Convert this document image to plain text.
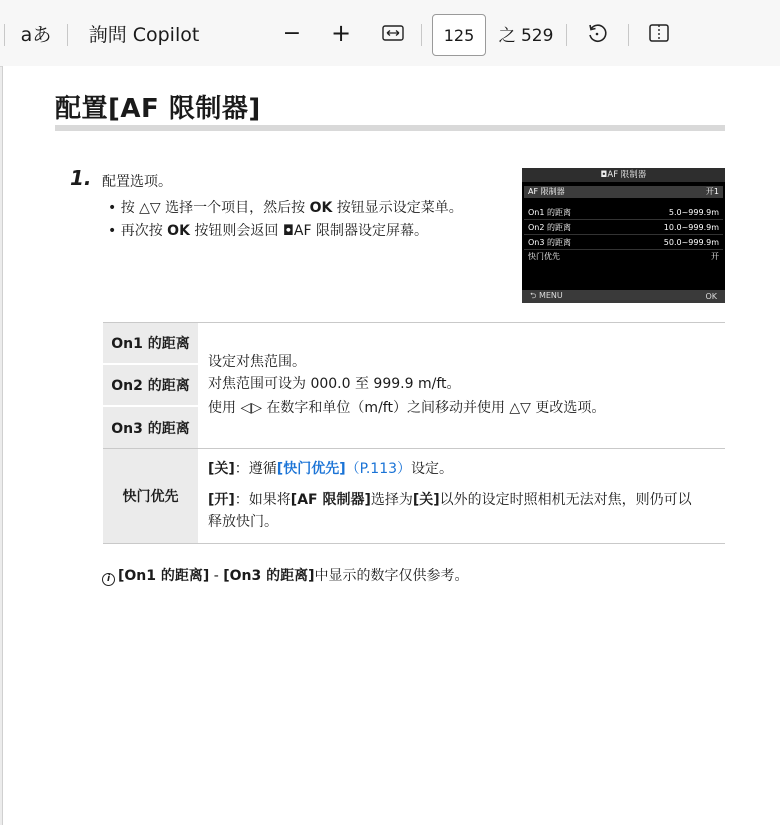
aあ 詢問 Copilot	− +	125	之 529
配置[AF 限制器]
1. 配置选项。
• 按 △▽ 选择一个项目，然后按 OK 按钮显示设定菜单。
• 再次按 OK 按钮则会返回 ◘AF 限制器设定屏幕。
◘AF 限制器
AF 限制器	开1
On1 的距离	5.0~999.9m
On2 的距离	10.0~999.9m
On3 的距离	50.0~999.9m
快门优先	开
⮌ MENU	OK
On1 的距离
On2 的距离
On3 的距离
设定对焦范围。
对焦范围可设为 000.0 至 999.9 m/ft。
使用 ◁▷ 在数字和单位（m/ft）之间移动并使用 △▽ 更改选项。
快门优先
[关]：遵循[快门优先]（P.113）设定。
[开]：如果将[AF 限制器]选择为[关]以外的设定时照相机无法对焦，则仍可以
释放快门。
i [On1 的距离] - [On3 的距离]中显示的数字仅供参考。
